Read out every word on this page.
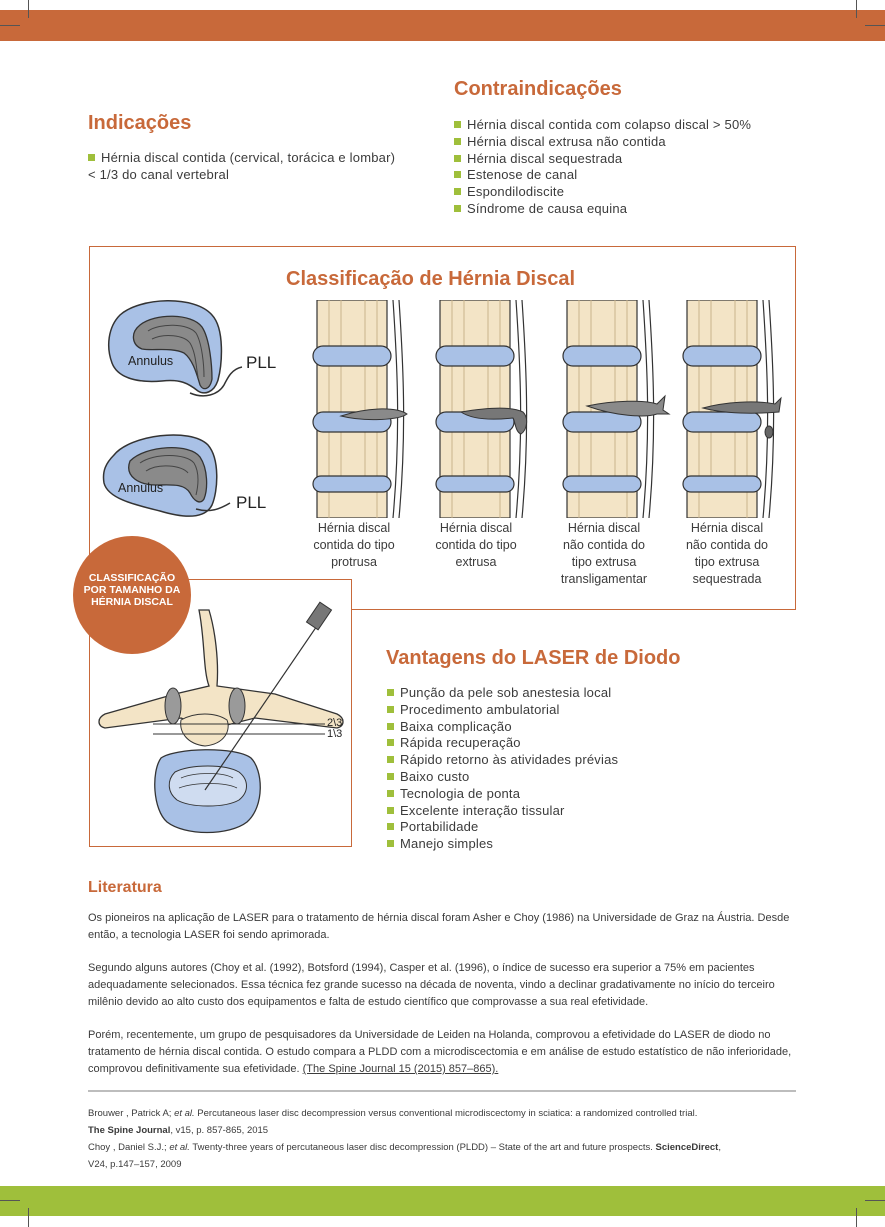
Indicações
Hérnia discal contida (cervical, torácica e lombar)
< 1/3 do canal vertebral
Contraindicações
Hérnia discal contida com colapso discal > 50%
Hérnia discal extrusa não contida
Hérnia discal sequestrada
Estenose de canal
Espondilodiscite
Síndrome de causa equina
Classificação de Hérnia Discal
Annulus	PLL
Annulus
PLL
Hérnia discal
contida do tipo
protrusa
Hérnia discal
contida do tipo
extrusa
Hérnia discal
não contida do
tipo extrusa
transligamentar
Hérnia discal
não contida do
tipo extrusa
sequestrada
2\3
1\3
CLASSIFICAÇÃO
POR TAMANHO DA
HÉRNIA DISCAL
Vantagens do LASER de Diodo
Punção da pele sob anestesia local
Procedimento ambulatorial
Baixa complicação
Rápida recuperação
Rápido retorno às atividades prévias
Baixo custo
Tecnologia de ponta
Excelente interação tissular
Portabilidade
Manejo simples
Literatura

Os pioneiros na aplicação de LASER para o tratamento de hérnia discal foram Asher e Choy (1986) na Universidade de Graz na Áustria. Desde então, a tecnologia LASER foi sendo aprimorada.

Segundo alguns autores (Choy et al. (1992), Botsford (1994), Casper et al. (1996), o índice de sucesso era superior a 75% em pacientes adequadamente selecionados. Essa técnica fez grande sucesso na década de noventa, vindo a declinar gradativamente no início do terceiro milênio devido ao alto custo dos equipamentos e falta de estudo científico que comprovasse a sua real efetividade.

Porém, recentemente, um grupo de pesquisadores da Universidade de Leiden na Holanda, comprovou a efetividade do LASER de diodo no tratamento de hérnia discal contida. O estudo compara a PLDD com a microdiscectomia e em análise de estudo estatístico de não inferioridade, comprovou definitivamente sua efetividade. (The Spine Journal 15 (2015) 857–865).

Brouwer , Patrick A; et al. Percutaneous laser disc decompression versus conventional microdiscectomy in sciatica: a randomized controlled trial.
The Spine Journal, v15, p. 857-865, 2015

Choy , Daniel S.J.; et al. Twenty-three years of percutaneous laser disc decompression (PLDD) – State of the art and future prospects. ScienceDirect,
V24, p.147–157, 2009
